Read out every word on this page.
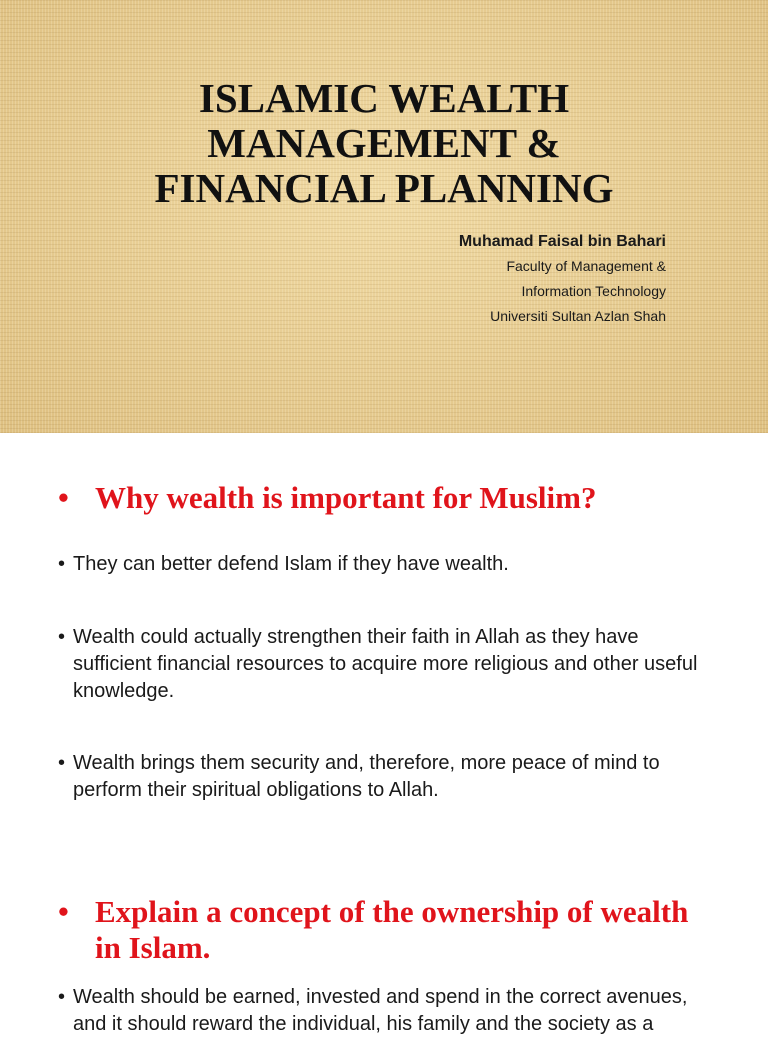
ISLAMIC WEALTH
MANAGEMENT &
FINANCIAL PLANNING
Muhamad Faisal bin Bahari
Faculty of Management &
Information Technology
Universiti Sultan Azlan Shah
• Why wealth is important for Muslim?
• They can better defend Islam if they have wealth.
• Wealth could actually strengthen their faith in Allah as they have sufficient financial resources to acquire more religious and other useful knowledge.
• Wealth brings them security and, therefore, more peace of mind to perform their spiritual obligations to Allah.
• Explain a concept of the ownership of wealth in Islam.
• Wealth should be earned, invested and spend in the correct avenues, and it should reward the individual, his family and the society as a
